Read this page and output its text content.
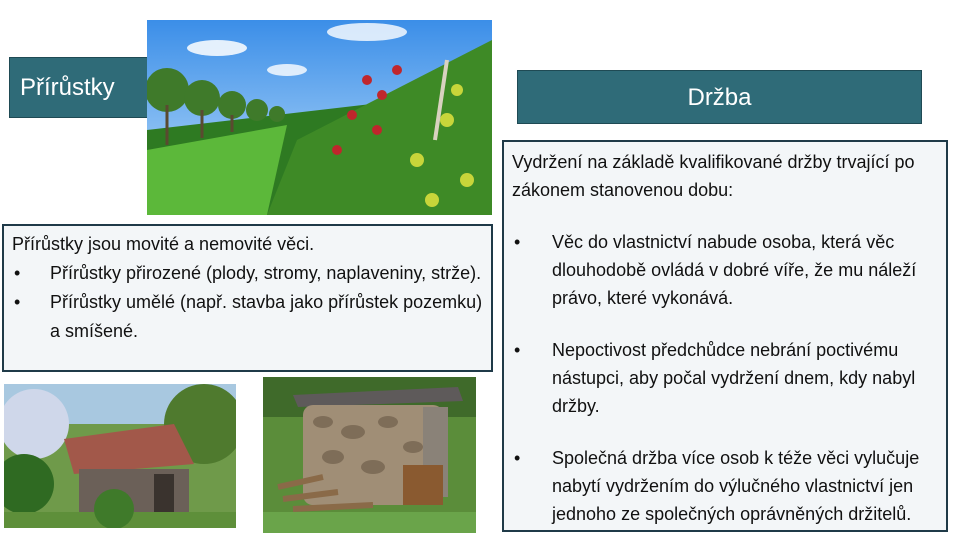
Přírůstky	Držba
Přírůstky jsou movité a nemovité věci.
•	Přírůstky přirozené (plody, stromy, naplaveniny, strže).
•	Přírůstky umělé (např. stavba jako přírůstek pozemku) a smíšené.
Vydržení na základě kvalifikované držby trvající po zákonem stanovenou dobu:
•	Věc do vlastnictví nabude osoba, která věc dlouhodobě ovládá v dobré víře, že mu náleží právo, které vykonává.
•	Nepoctivost předchůdce nebrání poctivému nástupci, aby počal vydržení dnem, kdy nabyl držby.
•	Společná držba více osob k téže věci vylučuje nabytí vydržením do výlučného vlastnictví jen jednoho ze společných oprávněných držitelů.
